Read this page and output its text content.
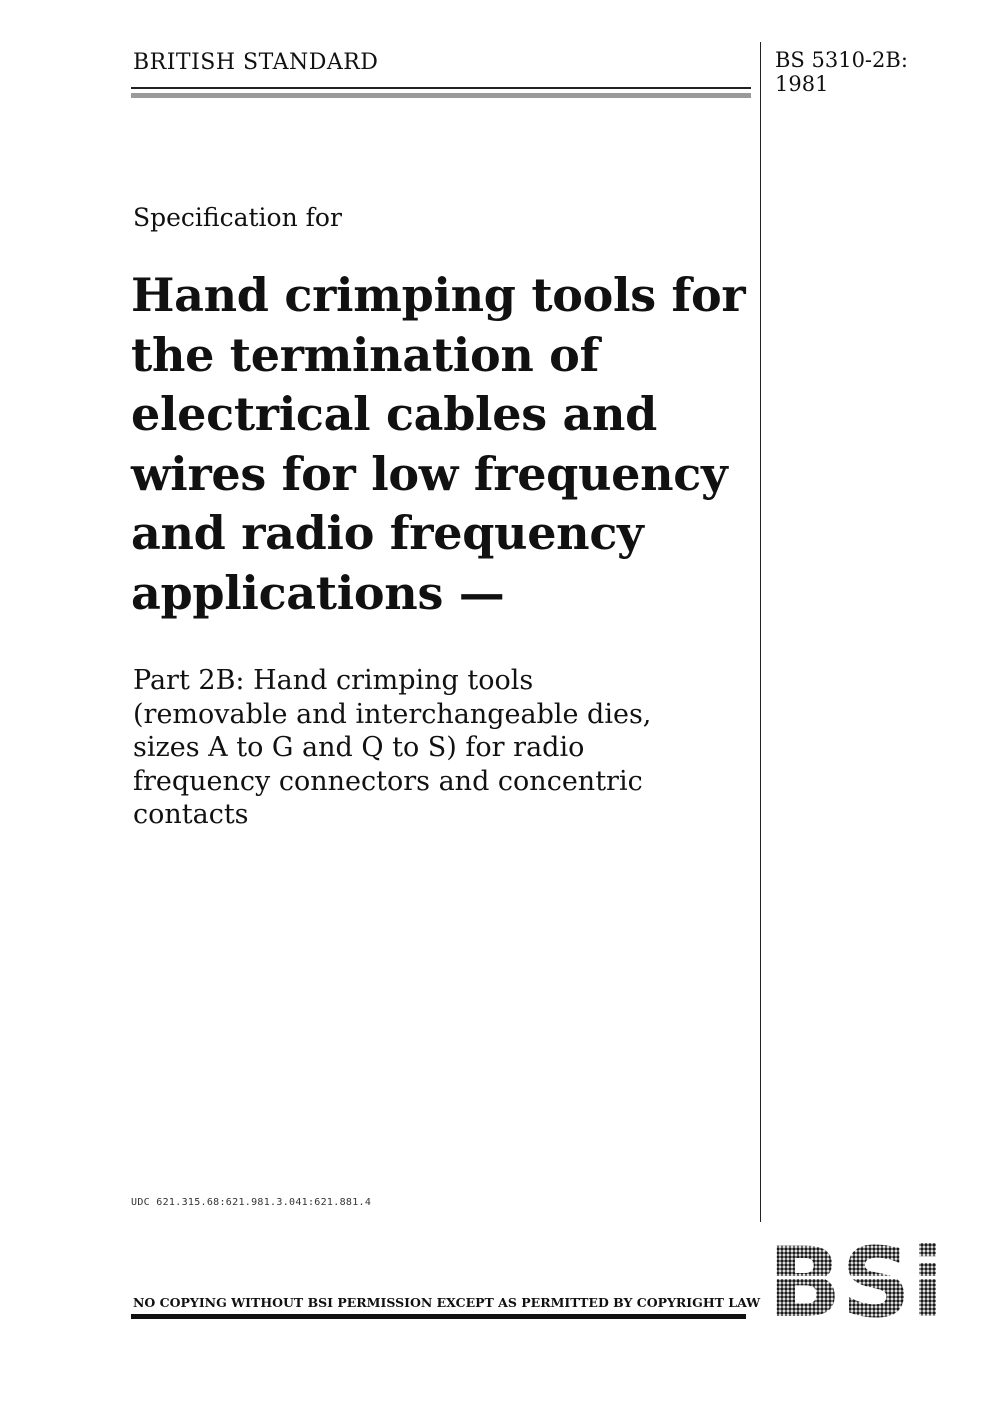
BRITISH STANDARD	BS 5310-2B:
1981
Specification for
Hand crimping tools for
the termination of
electrical cables and
wires for low frequency
and radio frequency
applications —
Part 2B: Hand crimping tools
(removable and interchangeable dies,
sizes A to G and Q to S) for radio
frequency connectors and concentric
contacts
UDC 621.315.68:621.981.3.041:621.881.4
NO COPYING WITHOUT BSI PERMISSION EXCEPT AS PERMITTED BY COPYRIGHT LAW
